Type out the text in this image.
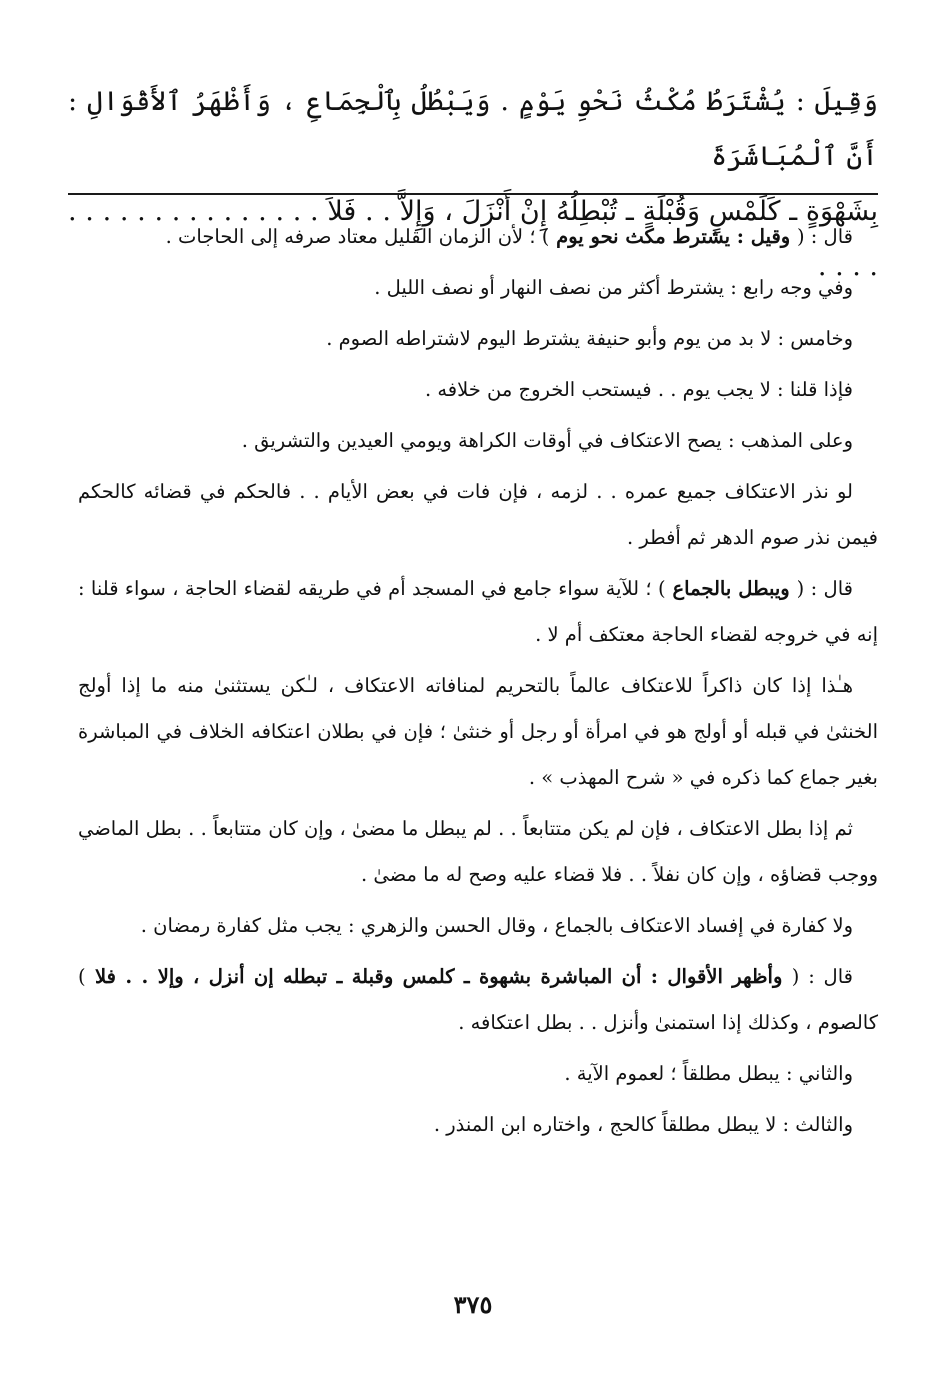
وَقِيلَ : يُشْتَرَطُ مُكْثُ نَحْوِ يَوْمٍ . وَيَبْطُلُ بِٱلْجِمَاعِ ، وَأَظْهَرُ ٱلأَقْوَالِ : أَنَّ ٱلْمُبَاشَرَةَ

بِشَهْوَةٍ ـ كَلَمْسٍ وَقُبْلَةٍ ـ تُبْطِلُهُ إِنْ أَنْزَلَ ، وَإِلاَّ . . فَلاَ . . . . . . . . . . . . . . . . . . .

قال : ( وقيل : يشترط مكث نحو يوم ) ؛ لأن الزمان القليل معتاد صرفه إلى الحاجات .

وفي وجه رابع : يشترط أكثر من نصف النهار أو نصف الليل .

وخامس : لا بد من يوم وأبو حنيفة يشترط اليوم لاشتراطه الصوم .

فإذا قلنا : لا يجب يوم . . فيستحب الخروج من خلافه .

وعلى المذهب : يصح الاعتكاف في أوقات الكراهة ويومي العيدين والتشريق .

لو نذر الاعتكاف جميع عمره . . لزمه ، فإن فات في بعض الأيام . . فالحكم في قضائه كالحكم فيمن نذر صوم الدهر ثم أفطر .

قال : ( ويبطل بالجماع ) ؛ للآية سواء جامع في المسجد أم في طريقه لقضاء الحاجة ، سواء قلنا : إنه في خروجه لقضاء الحاجة معتكف أم لا .

هـٰذا إذا كان ذاكراً للاعتكاف عالماً بالتحريم لمنافاته الاعتكاف ، لـٰكن يستثنىٰ منه ما إذا أولج الخنثىٰ في قبله أو أولج هو في امرأة أو رجل أو خنثىٰ ؛ فإن في بطلان اعتكافه الخلاف في المباشرة بغير جماع كما ذكره في « شرح المهذب » .

ثم إذا بطل الاعتكاف ، فإن لم يكن متتابعاً . . لم يبطل ما مضىٰ ، وإن كان متتابعاً . . بطل الماضي ووجب قضاؤه ، وإن كان نفلاً . . فلا قضاء عليه وصح له ما مضىٰ .

ولا كفارة في إفساد الاعتكاف بالجماع ، وقال الحسن والزهري : يجب مثل كفارة رمضان .

قال : ( وأظهر الأقوال : أن المباشرة بشهوة ـ كلمس وقبلة ـ تبطله إن أنزل ، وإلا . . فلا ) كالصوم ، وكذلك إذا استمنىٰ وأنزل . . بطل اعتكافه .

والثاني : يبطل مطلقاً ؛ لعموم الآية .

والثالث : لا يبطل مطلقاً كالحج ، واختاره ابن المنذر .

٣٧٥
